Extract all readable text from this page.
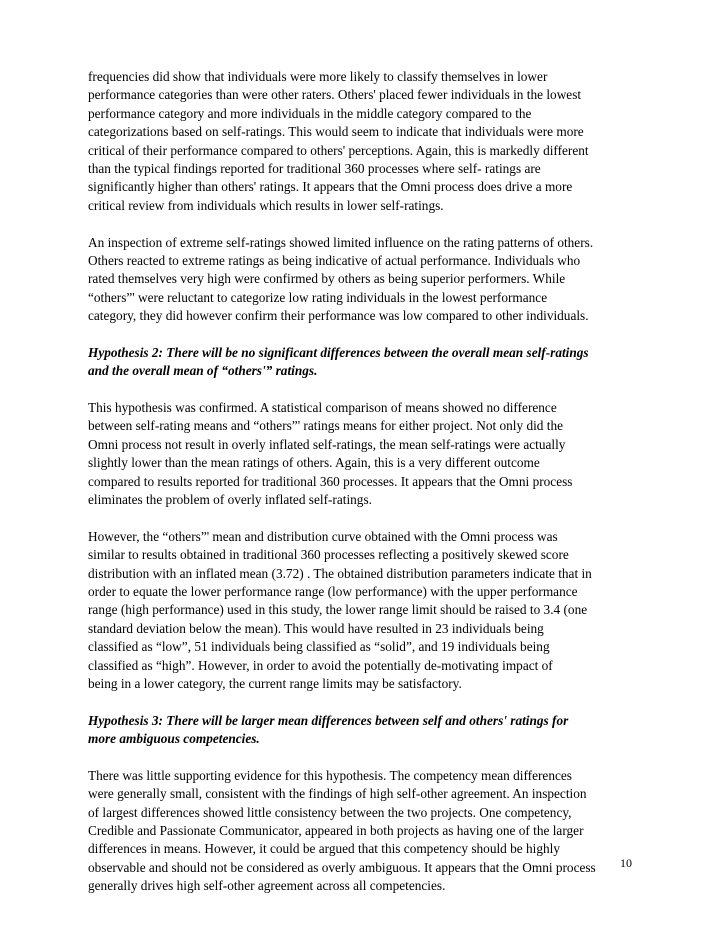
frequencies did show that individuals were more likely to classify themselves in lower
performance categories than were other raters. Others' placed fewer individuals in the lowest
performance category and more individuals in the middle category compared to the
categorizations based on self-ratings. This would seem to indicate that individuals were more
critical of their performance compared to others' perceptions. Again, this is markedly different
than the typical findings reported for traditional 360 processes where self- ratings are
significantly higher than others' ratings. It appears that the Omni process does drive a more
critical review from individuals which results in lower self-ratings.
An inspection of extreme self-ratings showed limited influence on the rating patterns of others.
Others reacted to extreme ratings as being indicative of actual performance. Individuals who
rated themselves very high were confirmed by others as being superior performers. While
“others”' were reluctant to categorize low rating individuals in the lowest performance
category, they did however confirm their performance was low compared to other individuals.
Hypothesis 2: There will be no significant differences between the overall mean self-ratings
and the overall mean of “others'” ratings.
This hypothesis was confirmed. A statistical comparison of means showed no difference
between self-rating means and “others”' ratings means for either project. Not only did the
Omni process not result in overly inflated self-ratings, the mean self-ratings were actually
slightly lower than the mean ratings of others. Again, this is a very different outcome
compared to results reported for traditional 360 processes. It appears that the Omni process
eliminates the problem of overly inflated self-ratings.
However, the “others”' mean and distribution curve obtained with the Omni process was
similar to results obtained in traditional 360 processes reflecting a positively skewed score
distribution with an inflated mean (3.72) . The obtained distribution parameters indicate that in
order to equate the lower performance range (low performance) with the upper performance
range (high performance) used in this study, the lower range limit should be raised to 3.4 (one
standard deviation below the mean). This would have resulted in 23 individuals being
classified as “low”, 51 individuals being classified as “solid”, and 19 individuals being
classified as “high”. However, in order to avoid the potentially de-motivating impact of
being in a lower category, the current range limits may be satisfactory.
Hypothesis 3: There will be larger mean differences between self and others' ratings for
more ambiguous competencies.
There was little supporting evidence for this hypothesis. The competency mean differences
were generally small, consistent with the findings of high self-other agreement. An inspection
of largest differences showed little consistency between the two projects. One competency,
Credible and Passionate Communicator, appeared in both projects as having one of the larger
differences in means. However, it could be argued that this competency should be highly
observable and should not be considered as overly ambiguous. It appears that the Omni process
generally drives high self-other agreement across all competencies.
10
